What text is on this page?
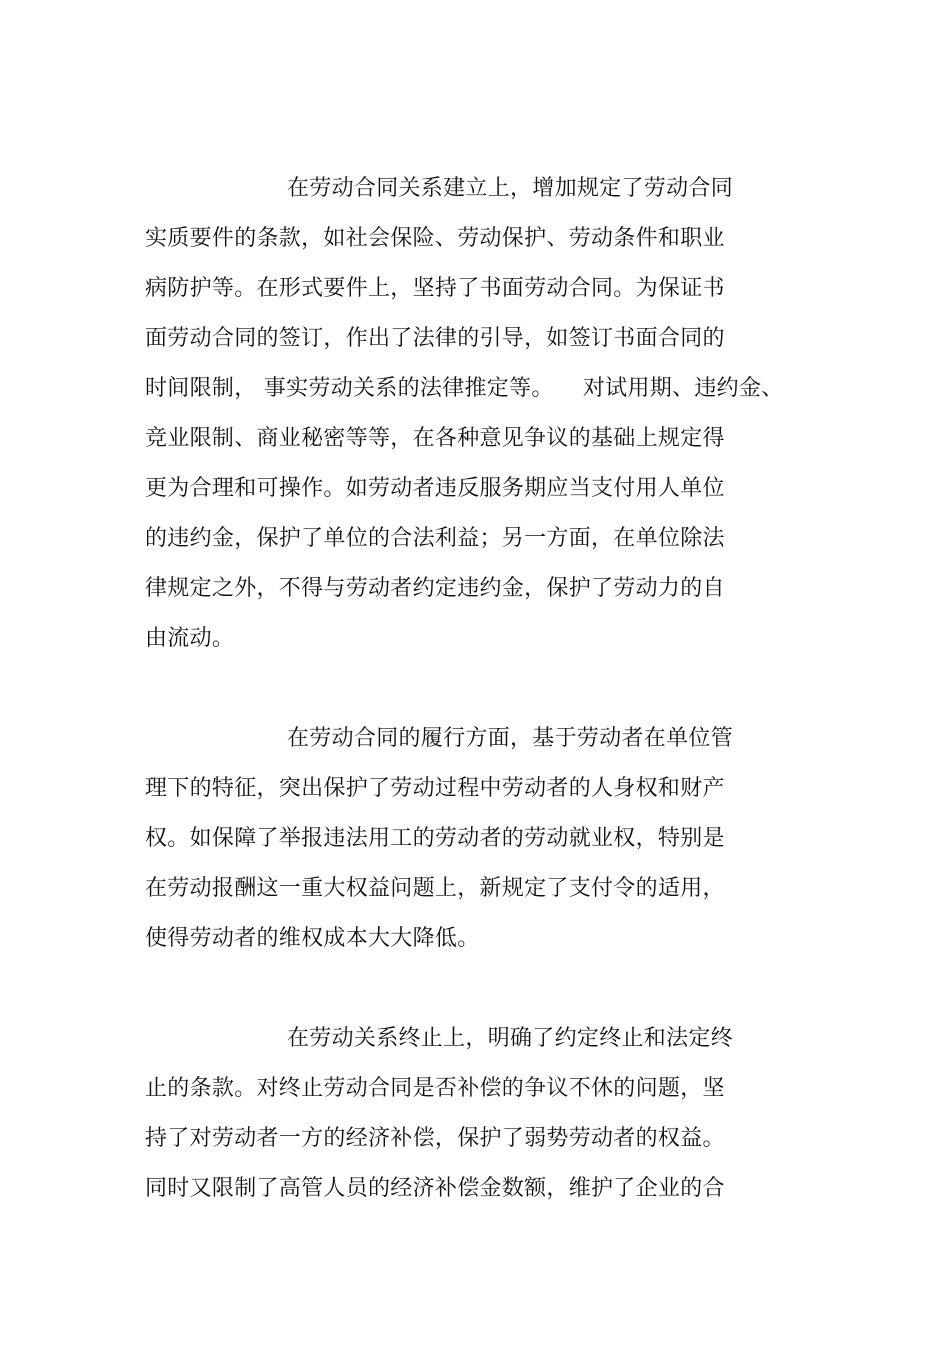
在劳动合同关系建立上，增加规定了劳动合同
实质要件的条款，如社会保险、劳动保护、劳动条件和职业
病防护等。在形式要件上，坚持了书面劳动合同。为保证书
面劳动合同的签订，作出了法律的引导，如签订书面合同的
时间限制， 事实劳动关系的法律推定等。    对试用期、违约金、
竞业限制、商业秘密等等，在各种意见争议的基础上规定得
更为合理和可操作。如劳动者违反服务期应当支付用人单位
的违约金，保护了单位的合法利益；另一方面，在单位除法
律规定之外，不得与劳动者约定违约金，保护了劳动力的自
由流动。
在劳动合同的履行方面，基于劳动者在单位管
理下的特征，突出保护了劳动过程中劳动者的人身权和财产
权。如保障了举报违法用工的劳动者的劳动就业权，特别是
在劳动报酬这一重大权益问题上，新规定了支付令的适用，
使得劳动者的维权成本大大降低。
在劳动关系终止上，明确了约定终止和法定终
止的条款。对终止劳动合同是否补偿的争议不休的问题，坚
持了对劳动者一方的经济补偿，保护了弱势劳动者的权益。
同时又限制了高管人员的经济补偿金数额，维护了企业的合
